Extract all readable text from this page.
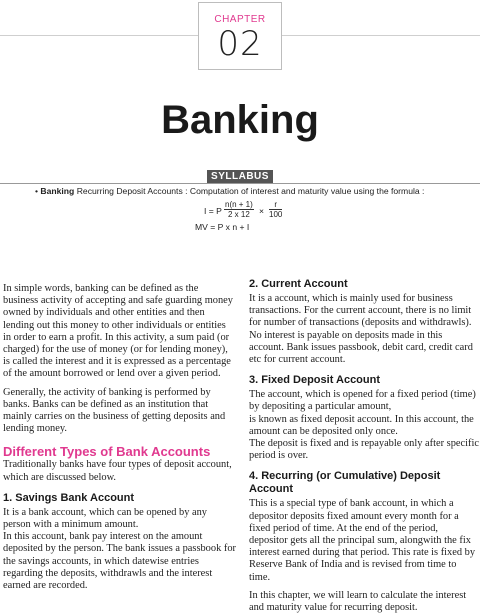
CHAPTER
02
Banking
SYLLABUS
• Banking Recurring Deposit Accounts : Computation of interest and maturity value using the formula :
I = P $\frac{n(n + 1)}{2 x 12} \times \frac{r}{100}$
MV = P x n + I

In simple words, banking can be defined as the business activity of accepting and safe guarding money owned by individuals and other entities and then lending out this money to other individuals or entities in order to earn a profit. In this activity, a sum paid (or charged) for the use of money (or for lending money), is called the interest and it is expressed as a percentage of the amount borrowed or lend over a given period.

Generally, the activity of banking is performed by banks. Banks can be defined as an institution that mainly carries on the business of getting deposits and lending money.

Different Types of Bank Accounts

Traditionally banks have four types of deposit account, which are discussed below.

1. Savings Bank Account

It is a bank account, which can be opened by any person with a minimum amount.

In this account, bank pay interest on the amount deposited by the person. The bank issues a passbook for the savings accounts, in which datewise entries regarding the deposits, withdrawls and the interest earned are recorded.

2. Current Account

It is a account, which is mainly used for business transactions. For the current account, there is no limit for number of transactions (deposits and withdrawls). No interest is payable on deposits made in this account. Bank issues passbook, debit card, credit card etc for current account.

3. Fixed Deposit Account

The account, which is opened for a fixed period (time) by depositing a particular amount,

is known as fixed deposit account. In this account, the amount can be deposited only once.

The deposit is fixed and is repayable only after specific period is over.

4. Recurring (or Cumulative) Deposit Account

This is a special type of bank account, in which a depositor deposits fixed amount every month for a fixed period of time. At the end of the period, depositor gets all the principal sum, alongwith the fix interest earned during that period. This rate is fixed by Reserve Bank of India and is revised from time to time.

In this chapter, we will learn to calculate the interest and maturity value for recurring deposit.
